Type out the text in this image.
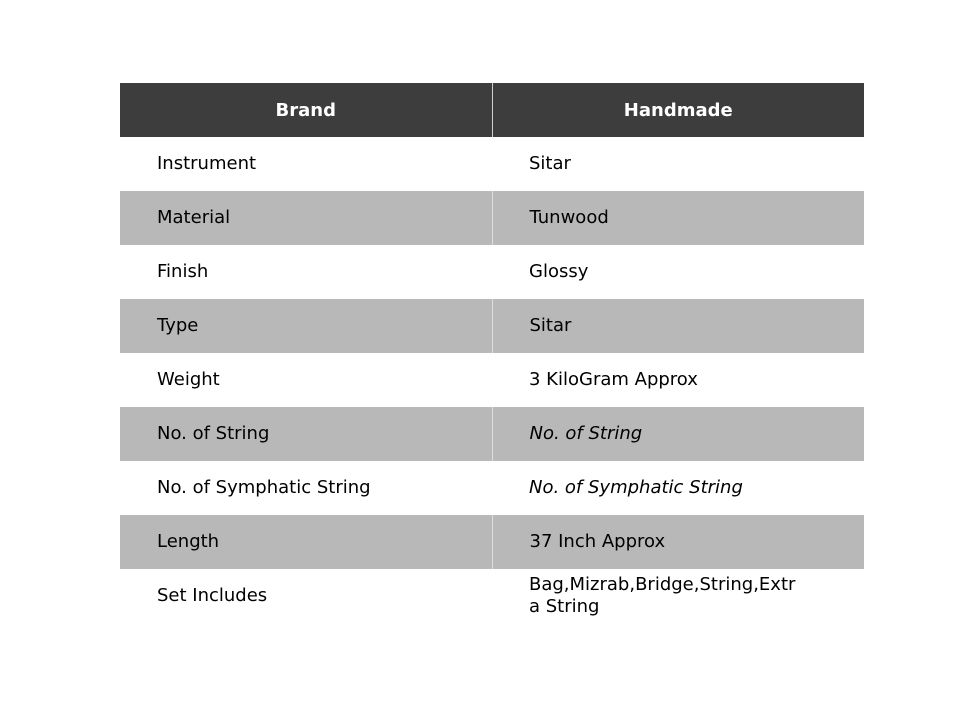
Brand	Handmade
Instrument	Sitar
Material	Tunwood
Finish	Glossy
Type	Sitar
Weight	3 KiloGram Approx
No. of String	No. of String
No. of Symphatic String	No. of Symphatic String
Length	37 Inch Approx
Set Includes	Bag,Mizrab,Bridge,String,Extra String
